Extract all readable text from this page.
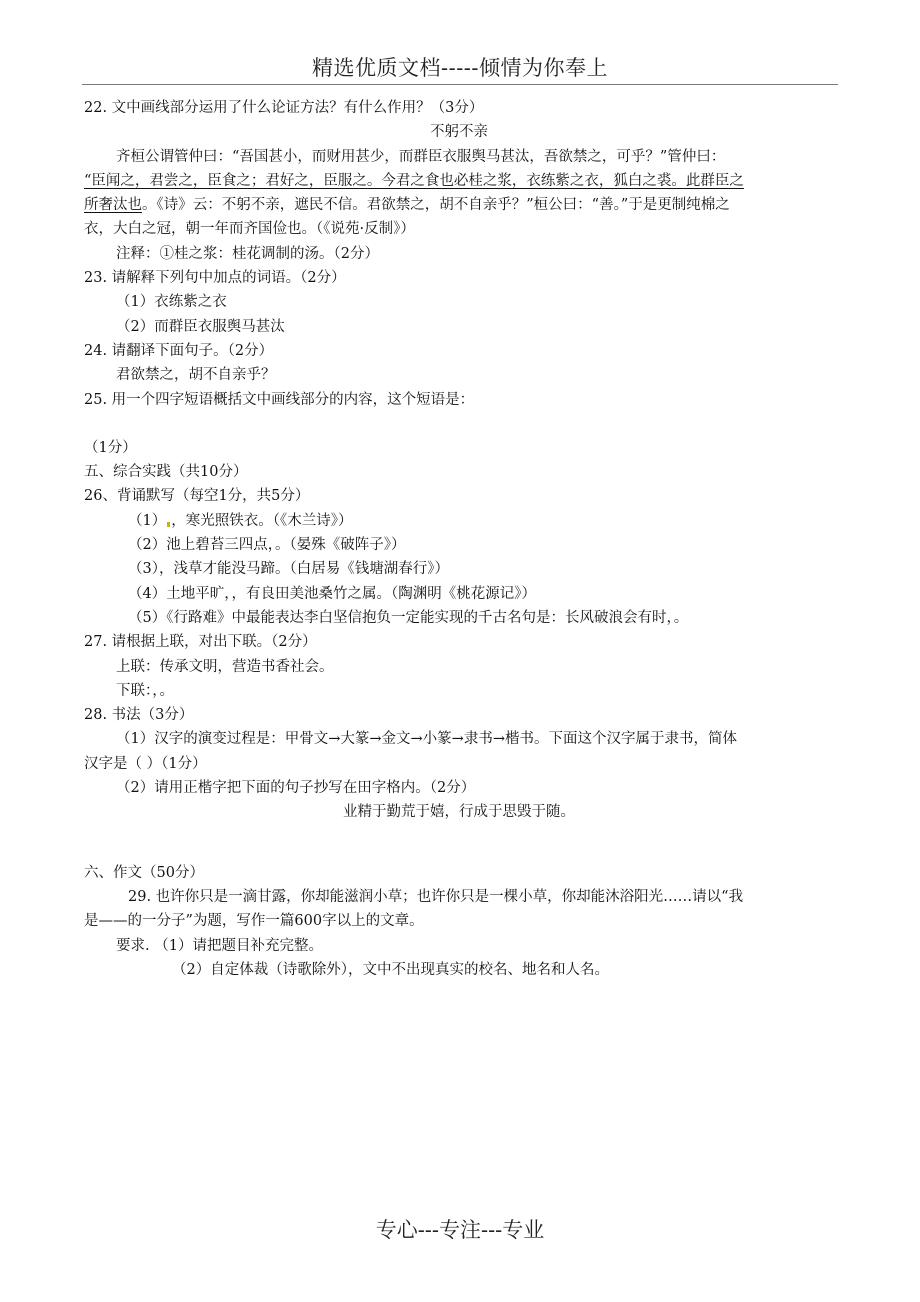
精选优质文档-----倾情为你奉上

22. 文中画线部分运用了什么论证方法？有什么作用？（3分）

不躬不亲

齐桓公谓管仲曰：“吾国甚小，而财用甚少，而群臣衣服舆马甚汰，吾欲禁之，可乎？”管仲曰：

“臣闻之，君尝之，臣食之；君好之，臣服之。今君之食也必桂之浆，衣练紫之衣，狐白之裘。此群臣之

所奢汰也。《诗》云：不躬不亲，遮民不信。君欲禁之，胡不自亲乎？”桓公曰：“善。”于是更制纯棉之

衣，大白之冠，朝一年而齐国俭也。（《说苑·反制》）

注释：①桂之浆：桂花调制的汤。（2分）

23. 请解释下列句中加点的词语。（2分）

（1）衣练紫之衣

（2）而群臣衣服舆马甚汰

24. 请翻译下面句子。（2分）

君欲禁之，胡不自亲乎？

25. 用一个四字短语概括文中画线部分的内容，这个短语是：

（1分）

五、综合实践（共10分）

26、背诵默写（每空1分，共5分）

（1） ，寒光照铁衣。（《木兰诗》）

（2）池上碧苔三四点，。（晏殊《破阵子》）

（3），浅草才能没马蹄。（白居易《钱塘湖春行》）

（4）土地平旷，，有良田美池桑竹之属。（陶渊明《桃花源记》）

（5）《行路难》中最能表达李白坚信抱负一定能实现的千古名句是：长风破浪会有时，。

27. 请根据上联，对出下联。（2分）

上联：传承文明，营造书香社会。

下联：，。

28. 书法（3分）

（1）汉字的演变过程是：甲骨文→大篆→金文→小篆→隶书→楷书。下面这个汉字属于隶书，简体

汉字是（ ）（1分）

（2）请用正楷字把下面的句子抄写在田字格内。（2分）

业精于勤荒于嬉，行成于思毁于随。

六、作文（50分）

29. 也许你只是一滴甘露，你却能滋润小草；也许你只是一棵小草，你却能沐浴阳光……请以“我

是——的一分子”为题，写作一篇600字以上的文章。

要求. （1）请把题目补充完整。

（2）自定体裁（诗歌除外），文中不出现真实的校名、地名和人名。

专心---专注---专业
